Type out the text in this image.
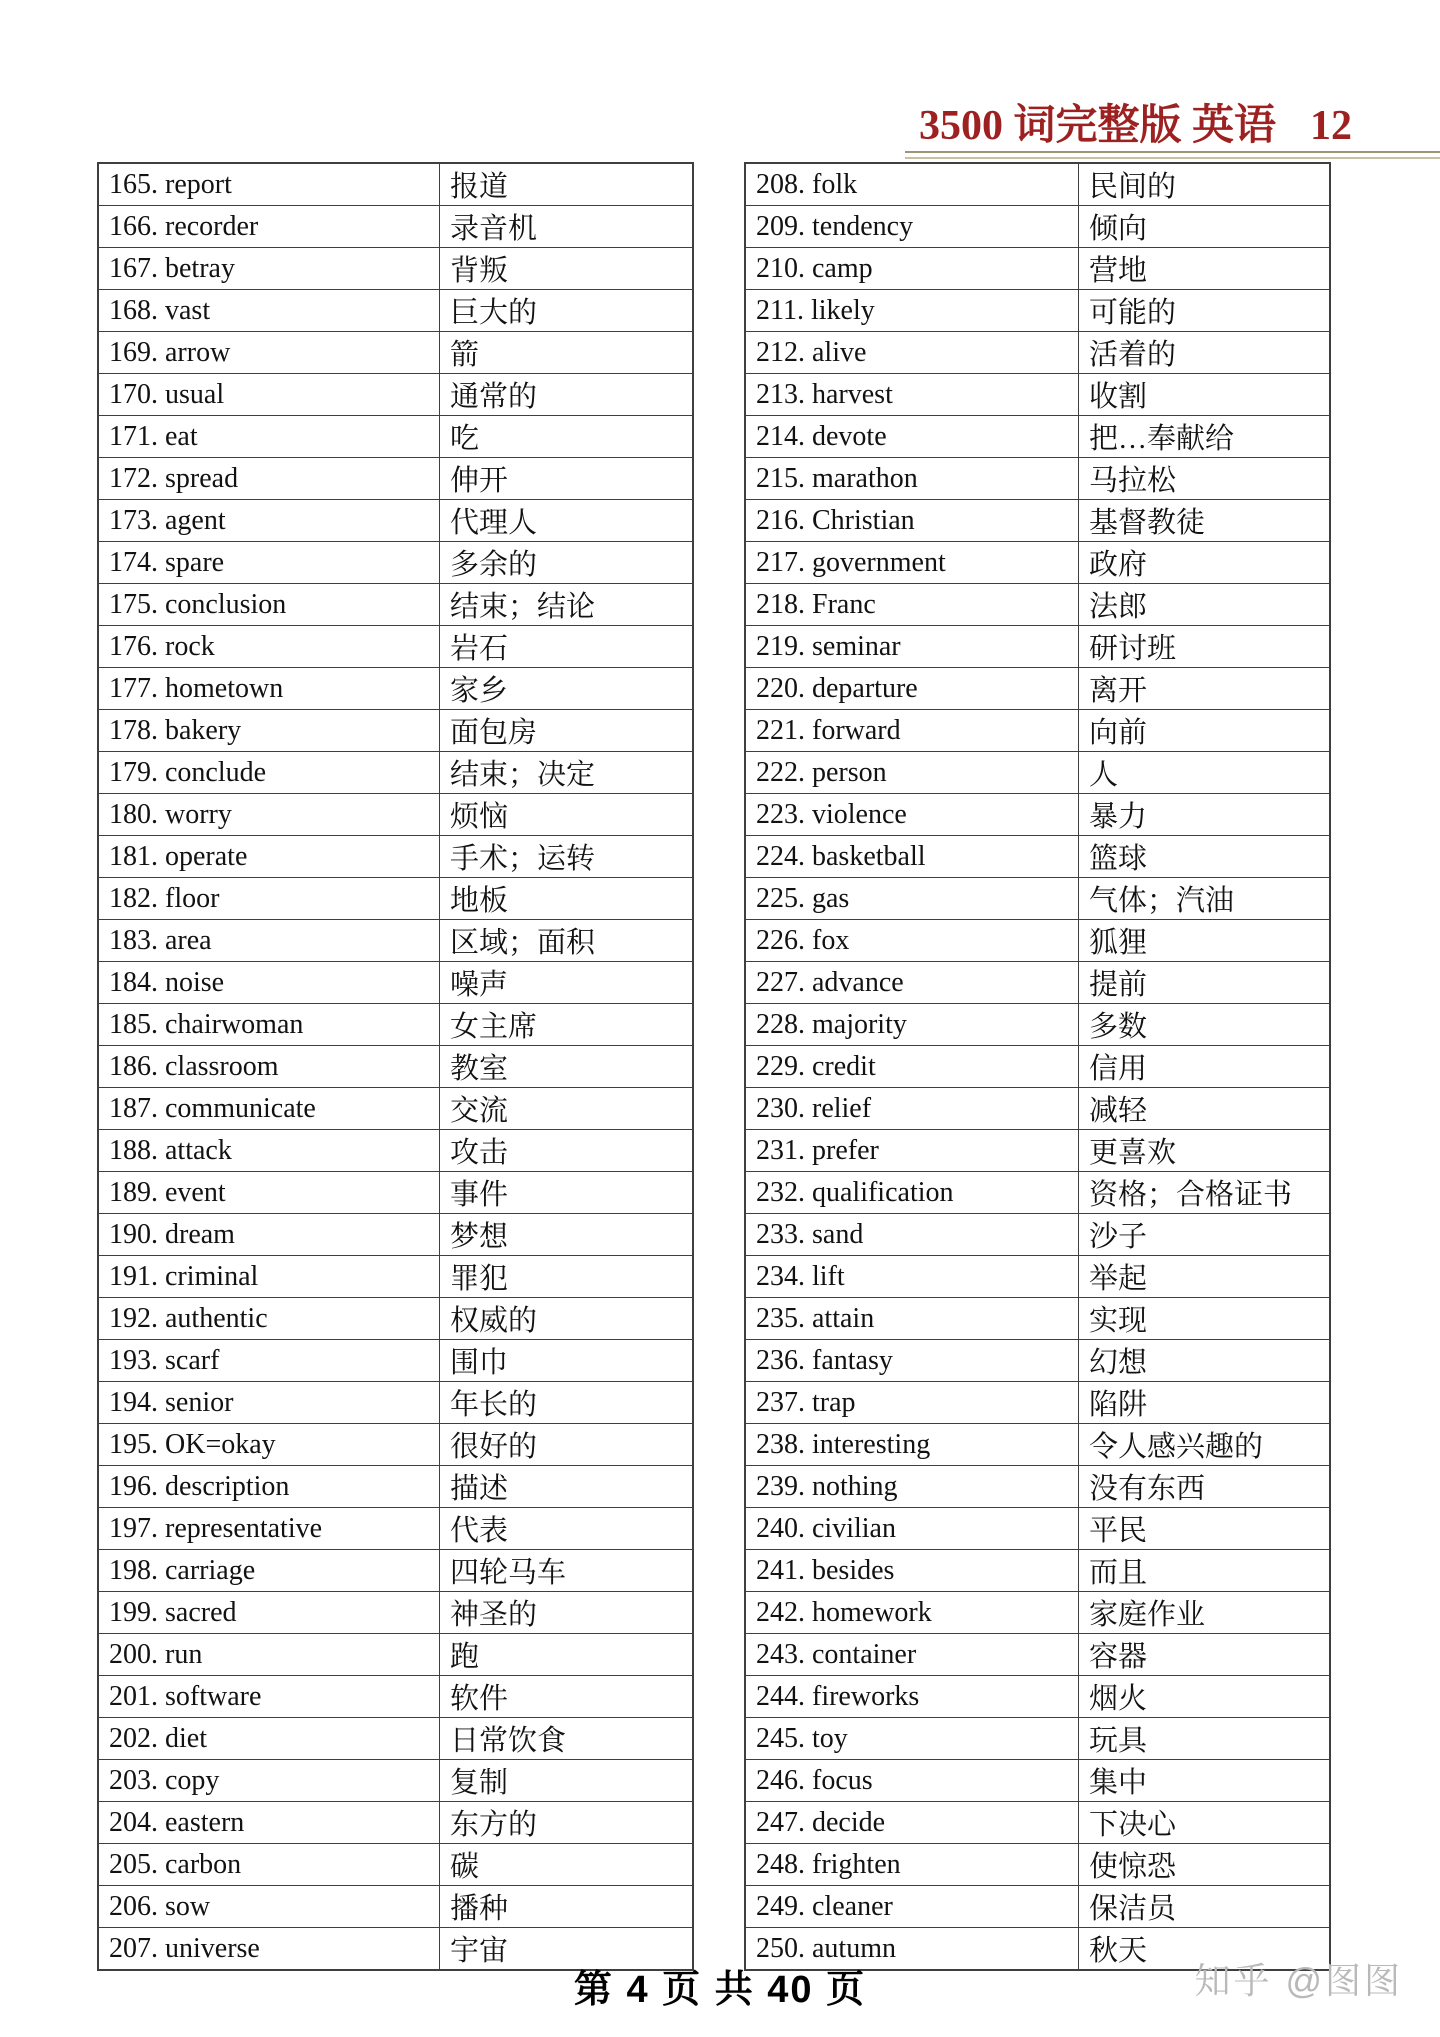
3500 词完整版 英语 12
165. report	报道
166. recorder	录音机
167. betray	背叛
168. vast	巨大的
169. arrow	箭
170. usual	通常的
171. eat	吃
172. spread	伸开
173. agent	代理人
174. spare	多余的
175. conclusion	结束；结论
176. rock	岩石
177. hometown	家乡
178. bakery	面包房
179. conclude	结束；决定
180. worry	烦恼
181. operate	手术；运转
182. floor	地板
183. area	区域；面积
184. noise	噪声
185. chairwoman	女主席
186. classroom	教室
187. communicate	交流
188. attack	攻击
189. event	事件
190. dream	梦想
191. criminal	罪犯
192. authentic	权威的
193. scarf	围巾
194. senior	年长的
195. OK=okay	很好的
196. description	描述
197. representative	代表
198. carriage	四轮马车
199. sacred	神圣的
200. run	跑
201. software	软件
202. diet	日常饮食
203. copy	复制
204. eastern	东方的
205. carbon	碳
206. sow	播种
207. universe	宇宙
208. folk	民间的
209. tendency	倾向
210. camp	营地
211. likely	可能的
212. alive	活着的
213. harvest	收割
214. devote	把…奉献给
215. marathon	马拉松
216. Christian	基督教徒
217. government	政府
218. Franc	法郎
219. seminar	研讨班
220. departure	离开
221. forward	向前
222. person	人
223. violence	暴力
224. basketball	篮球
225. gas	气体；汽油
226. fox	狐狸
227. advance	提前
228. majority	多数
229. credit	信用
230. relief	减轻
231. prefer	更喜欢
232. qualification	资格；合格证书
233. sand	沙子
234. lift	举起
235. attain	实现
236. fantasy	幻想
237. trap	陷阱
238. interesting	令人感兴趣的
239. nothing	没有东西
240. civilian	平民
241. besides	而且
242. homework	家庭作业
243. container	容器
244. fireworks	烟火
245. toy	玩具
246. focus	集中
247. decide	下决心
248. frighten	使惊恐
249. cleaner	保洁员
250. autumn	秋天
第 4 页 共 40 页	知乎 @图图
